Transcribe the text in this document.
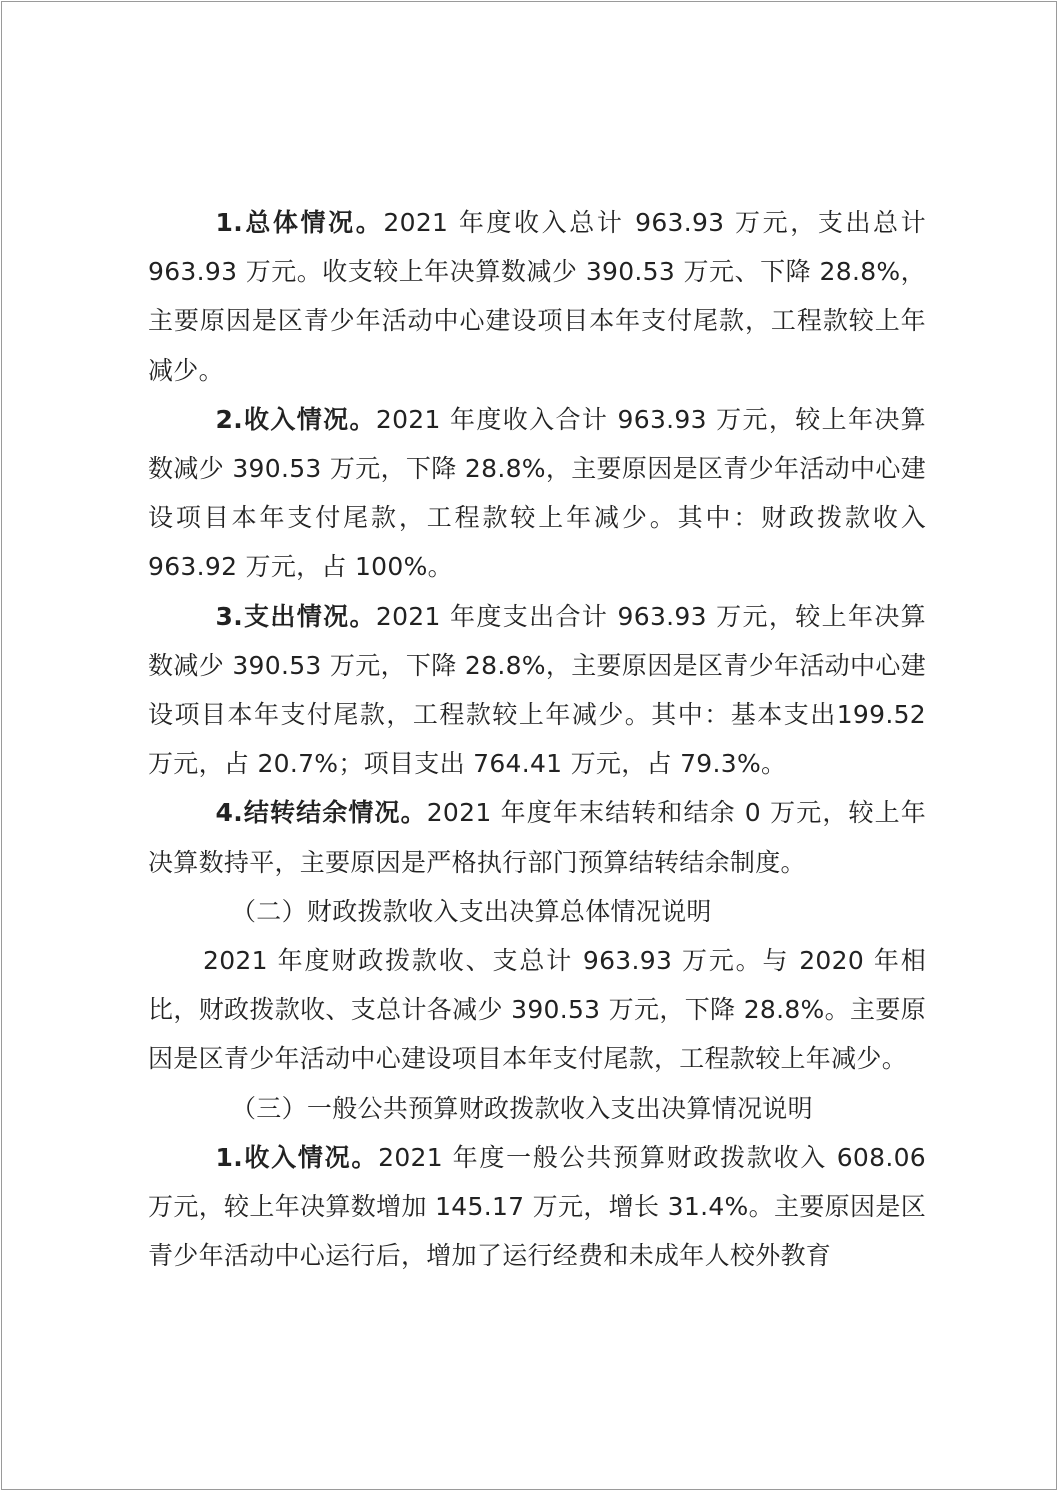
1.总体情况。2021 年度收入总计 963.93 万元，支出总计963.93 万元。收支较上年决算数减少 390.53 万元、下降 28.8%，主要原因是区青少年活动中心建设项目本年支付尾款，工程款较上年减少。

2.收入情况。2021 年度收入合计 963.93 万元，较上年决算数减少 390.53 万元，下降 28.8%，主要原因是区青少年活动中心建设项目本年支付尾款，工程款较上年减少。其中：财政拨款收入 963.92 万元，占 100%。

3.支出情况。2021 年度支出合计 963.93 万元，较上年决算数减少 390.53 万元，下降 28.8%，主要原因是区青少年活动中心建设项目本年支付尾款，工程款较上年减少。其中：基本支出199.52 万元，占 20.7%；项目支出 764.41 万元，占 79.3%。

4.结转结余情况。2021 年度年末结转和结余 0 万元，较上年决算数持平，主要原因是严格执行部门预算结转结余制度。

（二）财政拨款收入支出决算总体情况说明

2021 年度财政拨款收、支总计 963.93 万元。与 2020 年相比，财政拨款收、支总计各减少 390.53 万元，下降 28.8%。主要原因是区青少年活动中心建设项目本年支付尾款，工程款较上年减少。

（三）一般公共预算财政拨款收入支出决算情况说明

1.收入情况。2021 年度一般公共预算财政拨款收入 608.06 万元，较上年决算数增加 145.17 万元，增长 31.4%。主要原因是区青少年活动中心运行后，增加了运行经费和未成年人校外教育
